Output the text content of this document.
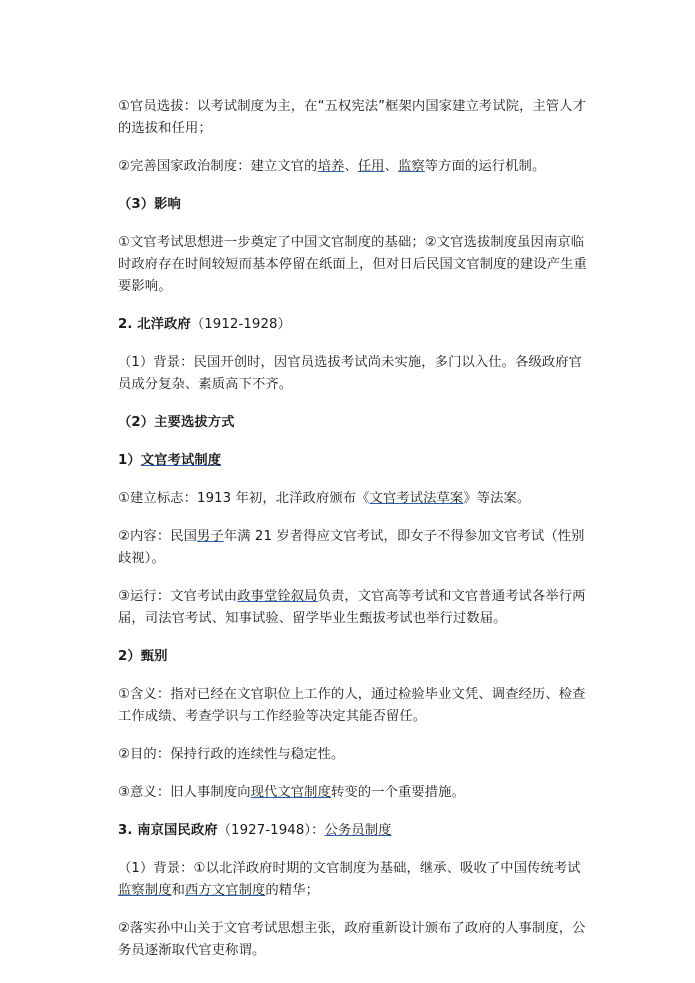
①官员选拔：以考试制度为主，在“五权宪法”框架内国家建立考试院，主管人才的选拔和任用；

②完善国家政治制度：建立文官的培养、任用、监察等方面的运行机制。

（3）影响

①文官考试思想进一步奠定了中国文官制度的基础；②文官选拔制度虽因南京临时政府存在时间较短而基本停留在纸面上，但对日后民国文官制度的建设产生重要影响。

2. 北洋政府（1912-1928）

（1）背景：民国开创时，因官员选拔考试尚未实施，多门以入仕。各级政府官员成分复杂、素质高下不齐。

（2）主要选拔方式

1）文官考试制度

①建立标志：1913 年初，北洋政府颁布《文官考试法草案》等法案。

②内容：民国男子年满 21 岁者得应文官考试，即女子不得参加文官考试（性别歧视）。

③运行：文官考试由政事堂铨叙局负责，文官高等考试和文官普通考试各举行两届，司法官考试、知事试验、留学毕业生甄拔考试也举行过数届。

2）甄别

①含义：指对已经在文官职位上工作的人，通过检验毕业文凭、调查经历、检查工作成绩、考查学识与工作经验等决定其能否留任。

②目的：保持行政的连续性与稳定性。

③意义：旧人事制度向现代文官制度转变的一个重要措施。

3. 南京国民政府（1927-1948）：公务员制度

（1）背景：①以北洋政府时期的文官制度为基础，继承、吸收了中国传统考试监察制度和西方文官制度的精华；

②落实孙中山关于文官考试思想主张，政府重新设计颁布了政府的人事制度，公务员逐渐取代官吏称谓。
